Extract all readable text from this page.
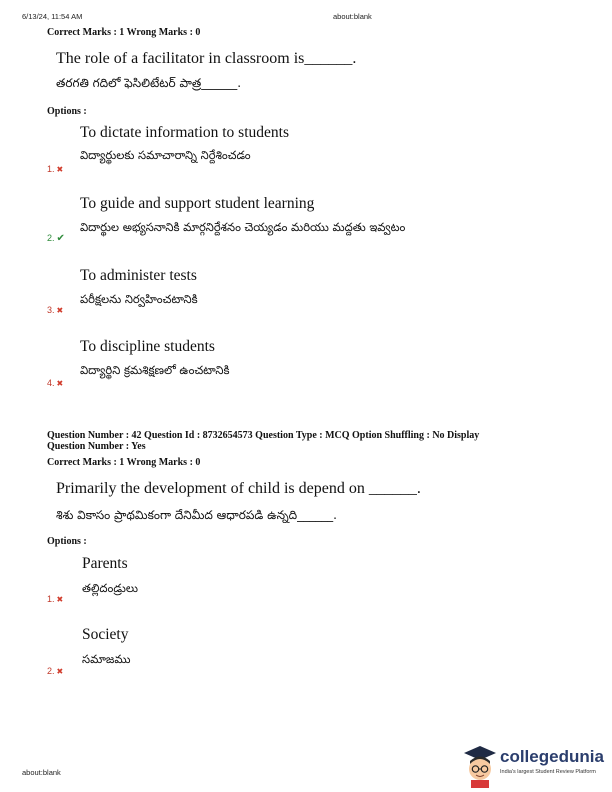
6/13/24, 11:54 AM	about:blank
Correct Marks : 1 Wrong Marks : 0
The role of a facilitator in classroom is______.
తరగతి గదిలో ఫెసిలిటేటర్ పాత్ర______.
Options :
To dictate information to students
విద్యార్థులకు సమాచారాన్ని నిర్దేశించడం
1. ✖
To guide and support student learning
విదార్థుల అభ్యసనానికి మార్గనిర్దేశనం చెయ్యడం మరియు మద్దతు ఇవ్వటం
2. ✔
To administer tests
పరీక్షలను నిర్వహించటానికి
3. ✖
To discipline students
విద్యార్థిని క్రమశిక్షణలో ఉంచటానికి
4. ✖
Question Number : 42 Question Id : 8732654573 Question Type : MCQ Option Shuffling : No Display
Question Number : Yes
Correct Marks : 1 Wrong Marks : 0
Primarily the development of child is depend on ______.
శిశు వికాసం ప్రాథమికంగా దేనిమీద ఆధారపడి ఉన్నది______.
Options :
Parents
తల్లిదండ్రులు
1. ✖
Society
సమాజము
2. ✖
about:blank
collegedunia
India's largest Student Review Platform
